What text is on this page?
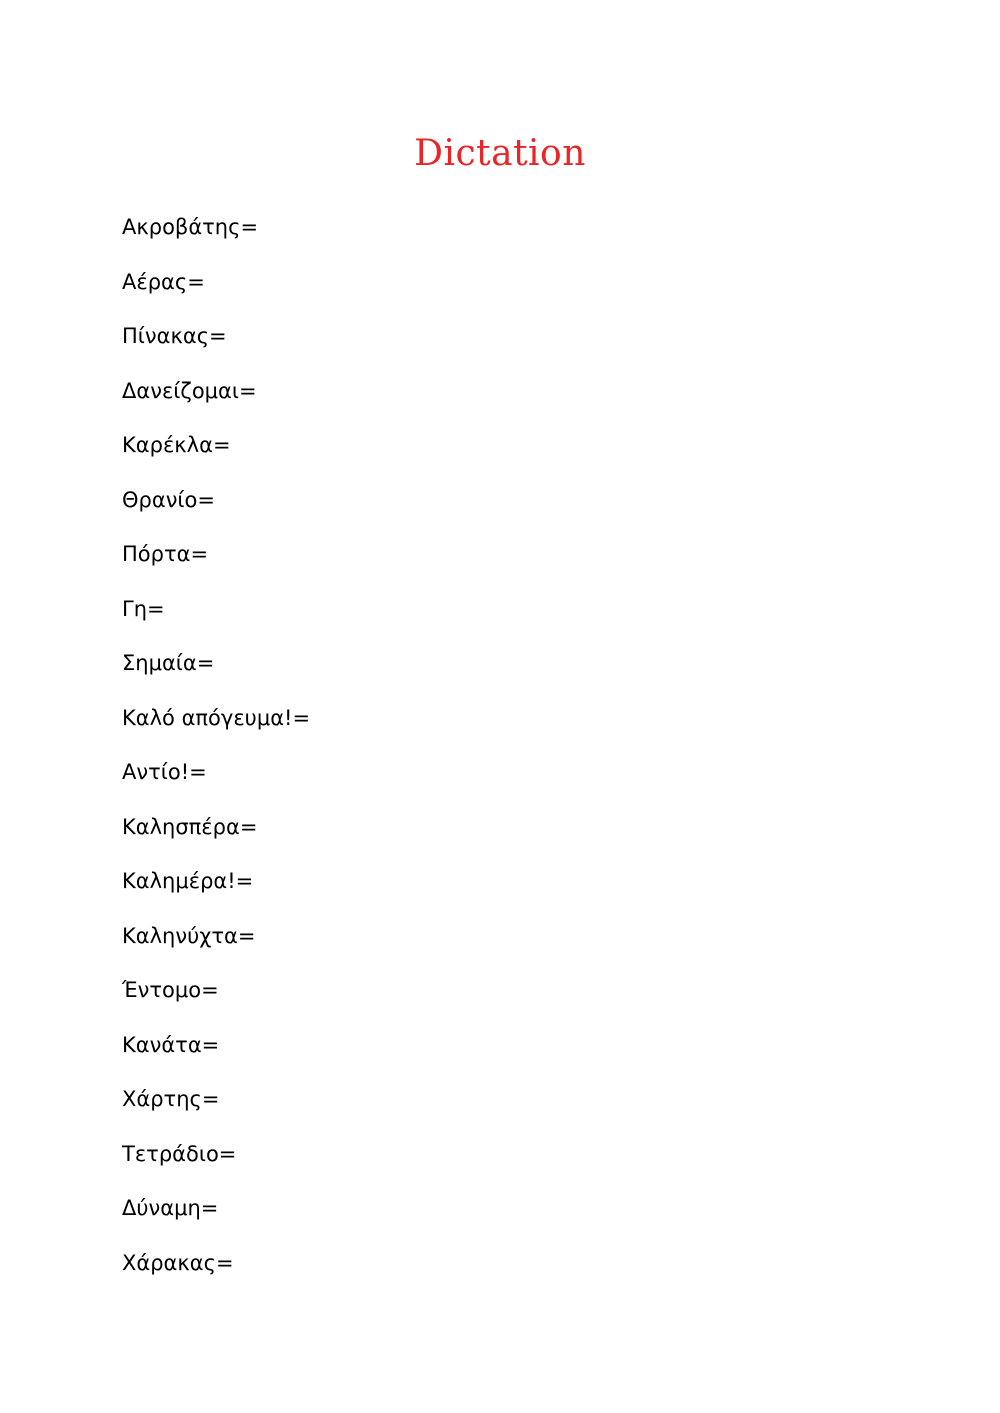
Dictation
Ακροβάτης=
Αέρας=
Πίνακας=
Δανείζομαι=
Καρέκλα=
Θρανίο=
Πόρτα=
Γη=
Σημαία=
Καλό απόγευμα!=
Αντίο!=
Καλησπέρα=
Καλημέρα!=
Καληνύχτα=
Έντομο=
Κανάτα=
Χάρτης=
Τετράδιο=
Δύναμη=
Χάρακας=
